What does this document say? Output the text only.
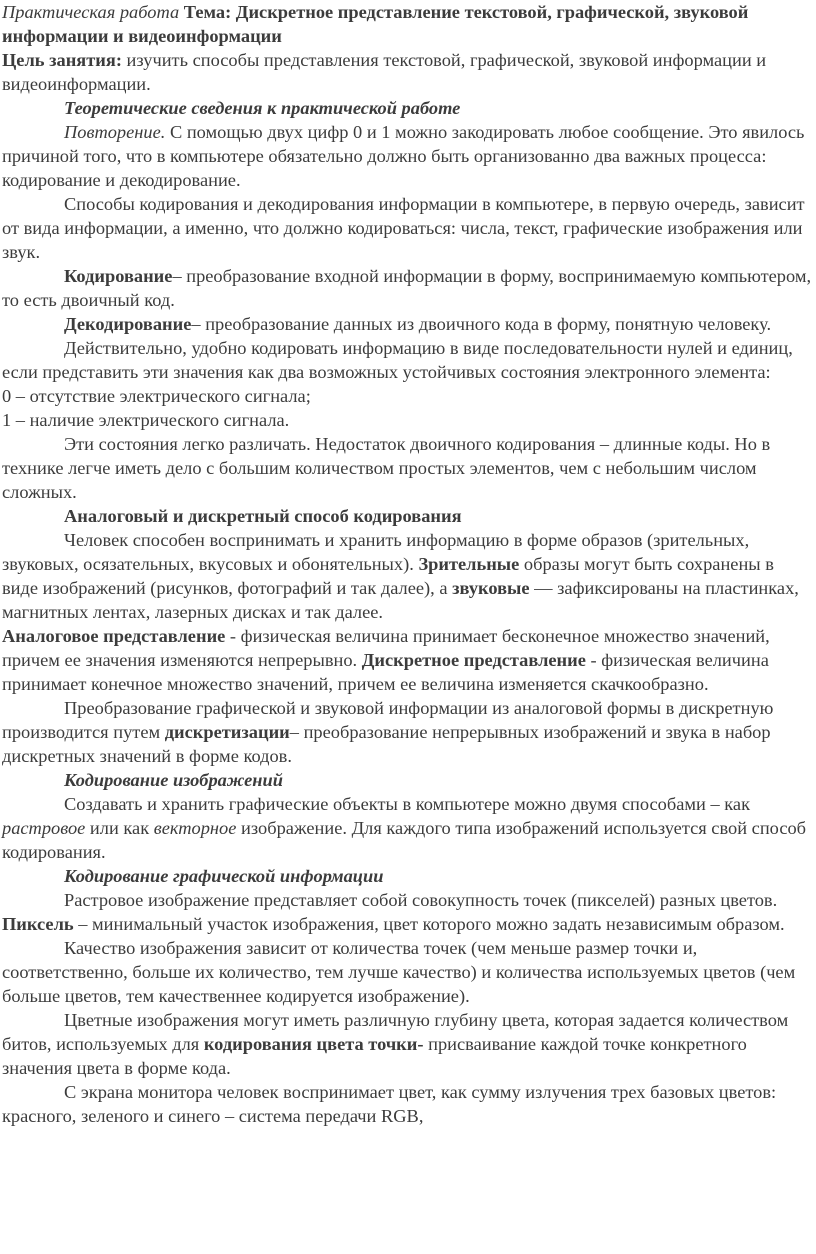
Практическая работа Тема: Дискретное представление текстовой, графической, звуковой информации и видеоинформации

Цель занятия: изучить способы представления текстовой, графической, звуковой информации и видеоинформации.

Теоретические сведения к практической работе

Повторение. С помощью двух цифр 0 и 1 можно закодировать любое сообщение. Это явилось причиной того, что в компьютере обязательно должно быть организованно два важных процесса: кодирование и декодирование.

Способы кодирования и декодирования информации в компьютере, в первую очередь, зависит от вида информации, а именно, что должно кодироваться: числа, текст, графические изображения или звук.

Кодирование– преобразование входной информации в форму, воспринимаемую компьютером, то есть двоичный код.

Декодирование– преобразование данных из двоичного кода в форму, понятную человеку.

Действительно, удобно кодировать информацию в виде последовательности нулей и единиц, если представить эти значения как два возможных устойчивых состояния электронного элемента:

0 – отсутствие электрического сигнала;

1 – наличие электрического сигнала.

Эти состояния легко различать. Недостаток двоичного кодирования – длинные коды. Но в технике легче иметь дело с большим количеством простых элементов, чем с небольшим числом сложных.

Аналоговый и дискретный способ кодирования

Человек способен воспринимать и хранить информацию в форме образов (зрительных, звуковых, осязательных, вкусовых и обонятельных). Зрительные образы могут быть сохранены в виде изображений (рисунков, фотографий и так далее), а звуковые — зафиксированы на пластинках, магнитных лентах, лазерных дисках и так далее.

Аналоговое представление - физическая величина принимает бесконечное множество значений, причем ее значения изменяются непрерывно. Дискретное представление - физическая величина принимает конечное множество значений, причем ее величина изменяется скачкообразно.

Преобразование графической и звуковой информации из аналоговой формы в дискретную производится путем дискретизации– преобразование непрерывных изображений и звука в набор дискретных значений в форме кодов.

Кодирование изображений

Создавать и хранить графические объекты в компьютере можно двумя способами – как растровое или как векторное изображение. Для каждого типа изображений используется свой способ кодирования.

Кодирование графической информации

Растровое изображение представляет собой совокупность точек (пикселей) разных цветов. Пиксель – минимальный участок изображения, цвет которого можно задать независимым образом.

Качество изображения зависит от количества точек (чем меньше размер точки и, соответственно, больше их количество, тем лучше качество) и количества используемых цветов (чем больше цветов, тем качественнее кодируется изображение).

Цветные изображения могут иметь различную глубину цвета, которая задается количеством битов, используемых для кодирования цвета точки- присваивание каждой точке конкретного значения цвета в форме кода.

С экрана монитора человек воспринимает цвет, как сумму излучения трех базовых цветов: красного, зеленого и синего – система передачи RGB,
